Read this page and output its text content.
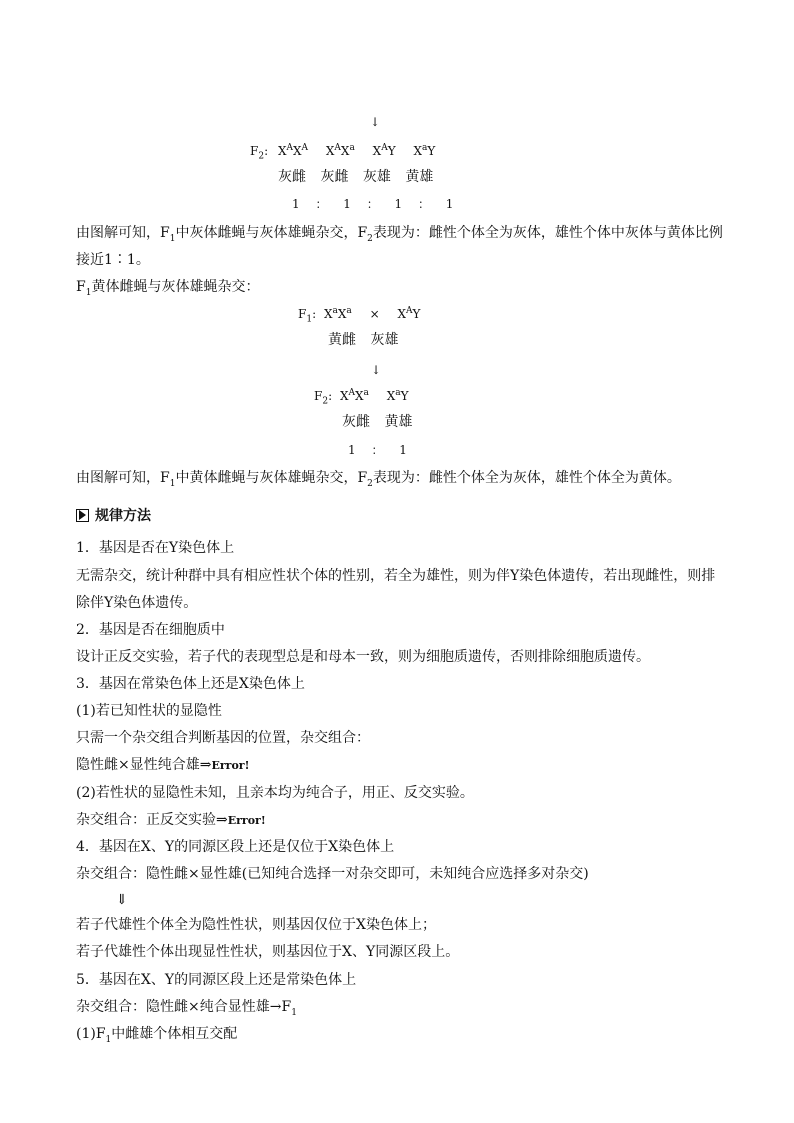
↓
$F_2$: $X^AX^A$ $X^AX^a$ $X^AY$ $X^aY$
灰雌 灰雌 灰雄 黄雄
1 ： 1 ： 1 ： 1
由图解可知，$F_1$中灰体雌蝇与灰体雄蝇杂交，$F_2$表现为：雌性个体全为灰体，雄性个体中灰体与黄体比例
接近1∶1。
$F_1$黄体雌蝇与灰体雄蝇杂交：
$F_1$: $X^aX^a \times X^AY$
黄雌 灰雄
↓
$F_2$: $X^AX^a$ $X^aY$
灰雌 黄雄
1 ： 1
由图解可知，$F_1$中黄体雌蝇与灰体雄蝇杂交，$F_2$表现为：雌性个体全为灰体，雄性个体全为黄体。
规律方法
1．基因是否在Y染色体上
无需杂交，统计种群中具有相应性状个体的性别，若全为雄性，则为伴Y染色体遗传，若出现雌性，则排
除伴Y染色体遗传。
2．基因是否在细胞质中
设计正反交实验，若子代的表现型总是和母本一致，则为细胞质遗传，否则排除细胞质遗传。
3．基因在常染色体上还是X染色体上
(1)若已知性状的显隐性
只需一个杂交组合判断基因的位置，杂交组合：
隐性雌×显性纯合雄⇒Error!
(2)若性状的显隐性未知，且亲本均为纯合子，用正、反交实验。
杂交组合：正反交实验⇒Error!
4．基因在X、Y的同源区段上还是仅位于X染色体上
杂交组合：隐性雌×显性雄(已知纯合选择一对杂交即可，未知纯合应选择多对杂交)
⇓
若子代雄性个体全为隐性性状，则基因仅位于X染色体上；
若子代雄性个体出现显性性状，则基因位于X、Y同源区段上。
5．基因在X、Y的同源区段上还是常染色体上
杂交组合：隐性雌×纯合显性雄$\to F_1$
$(1)F_1$中雌雄个体相互交配
